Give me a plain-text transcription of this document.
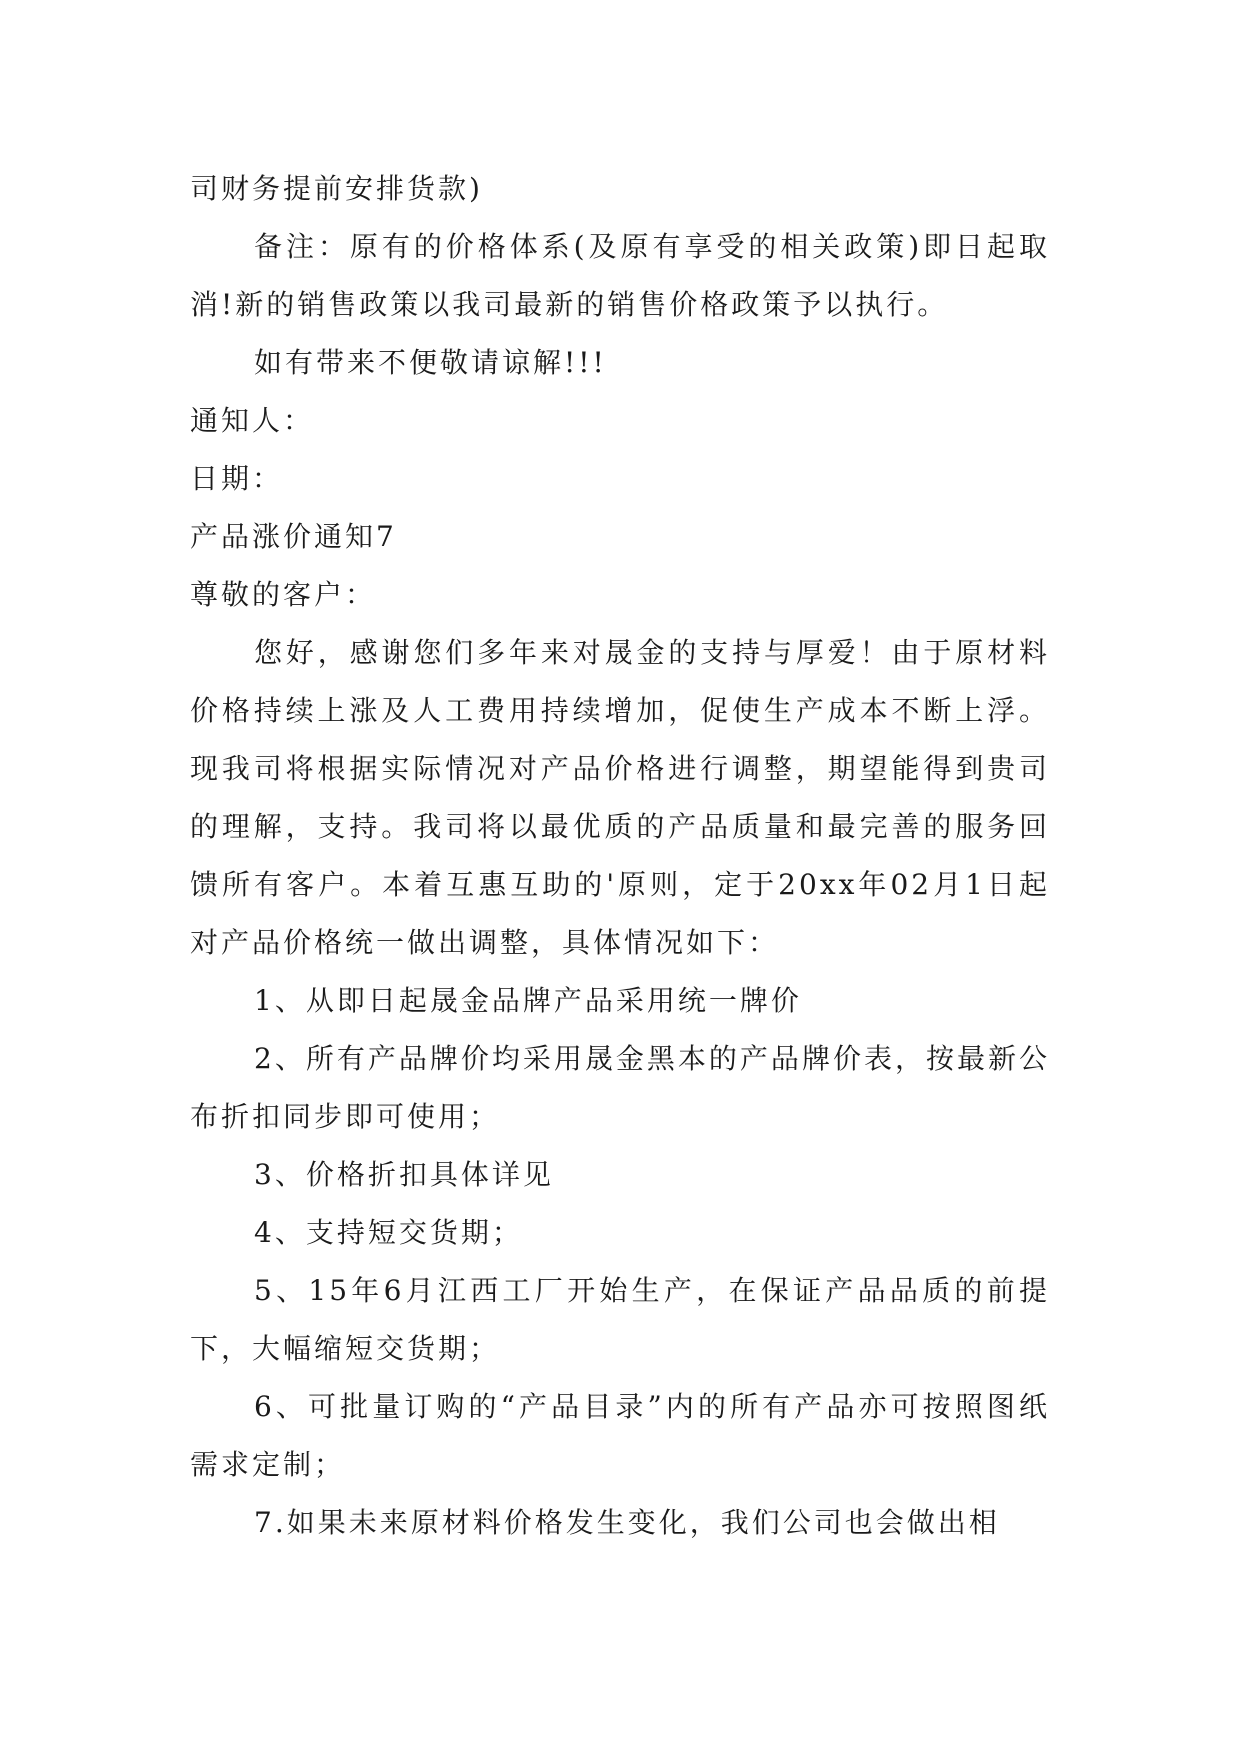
司财务提前安排货款)

备注：原有的价格体系(及原有享受的相关政策)即日起取消!新的销售政策以我司最新的销售价格政策予以执行。

如有带来不便敬请谅解!!!

通知人：

日期：

产品涨价通知7

尊敬的客户：

您好，感谢您们多年来对晟金的支持与厚爱！由于原材料价格持续上涨及人工费用持续增加，促使生产成本不断上浮。现我司将根据实际情况对产品价格进行调整，期望能得到贵司的理解，支持。我司将以最优质的产品质量和最完善的服务回馈所有客户。本着互惠互助的'原则，定于20xx年02月1日起对产品价格统一做出调整，具体情况如下：

1、从即日起晟金品牌产品采用统一牌价

2、所有产品牌价均采用晟金黑本的产品牌价表，按最新公布折扣同步即可使用；

3、价格折扣具体详见

4、支持短交货期；

5、15年6月江西工厂开始生产，在保证产品品质的前提下，大幅缩短交货期；

6、可批量订购的“产品目录”内的所有产品亦可按照图纸需求定制；

7.如果未来原材料价格发生变化，我们公司也会做出相
